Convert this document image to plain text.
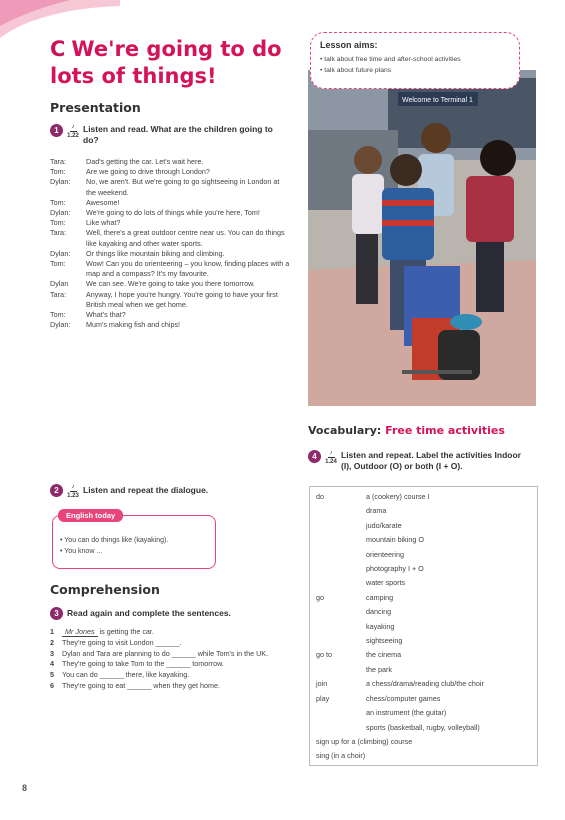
C We're going to do lots of things!
Presentation
1	♪
1.22
Listen and read. What are the children going to do?
Tara:	Dad's getting the car. Let's wait here.
Tom:	Are we going to drive through London?
Dylan:	No, we aren't. But we're going to go sightseeing in London at the weekend.
Tom:	Awesome!
Dylan:	We're going to do lots of things while you're here, Tom!
Tom:	Like what?
Tara:	Well, there's a great outdoor centre near us. You can do things like kayaking and other water sports.
Dylan:	Or things like mountain biking and climbing.
Tom:	Wow! Can you do orienteering – you know, finding places with a map and a compass? It's my favourite.
Dylan	We can see. We're going to take you there tomorrow.
Tara:	Anyway, I hope you're hungry. You're going to have your first British meal when we get home.
Tom:	What's that?
Dylan:	Mum's making fish and chips!
2	♪
1.23
Listen and repeat the dialogue.
English today
• You can do things like (kayaking).
• You know ...
Comprehension
3 Read again and complete the sentences.
1	Mr Jones is getting the car.
2	They're going to visit London ______.
3	Dylan and Tara are planning to do ______ while Tom's in the UK.
4	They're going to take Tom to the ______ tomorrow.
5	You can do ______ there, like kayaking.
6	They're going to eat ______ when they get home.
Welcome to Terminal 1
Lesson aims:
• talk about free time and after-school activities
• talk about future plans
Vocabulary: Free time activities
4	♪
1.24
Listen and repeat. Label the activities Indoor (I), Outdoor (O) or both (I + O).
do	a (cookery) course I
drama
judo/karate
mountain biking O
orienteering
photography I + O
water sports
go	camping
dancing
kayaking
sightseeing
go to	the cinema
the park
join	a chess/drama/reading club/the choir
play	chess/computer games
an instrument (the guitar)
sports (basketball, rugby, volleyball)
sign up for a (climbing) course
sing (in a choir)
8
